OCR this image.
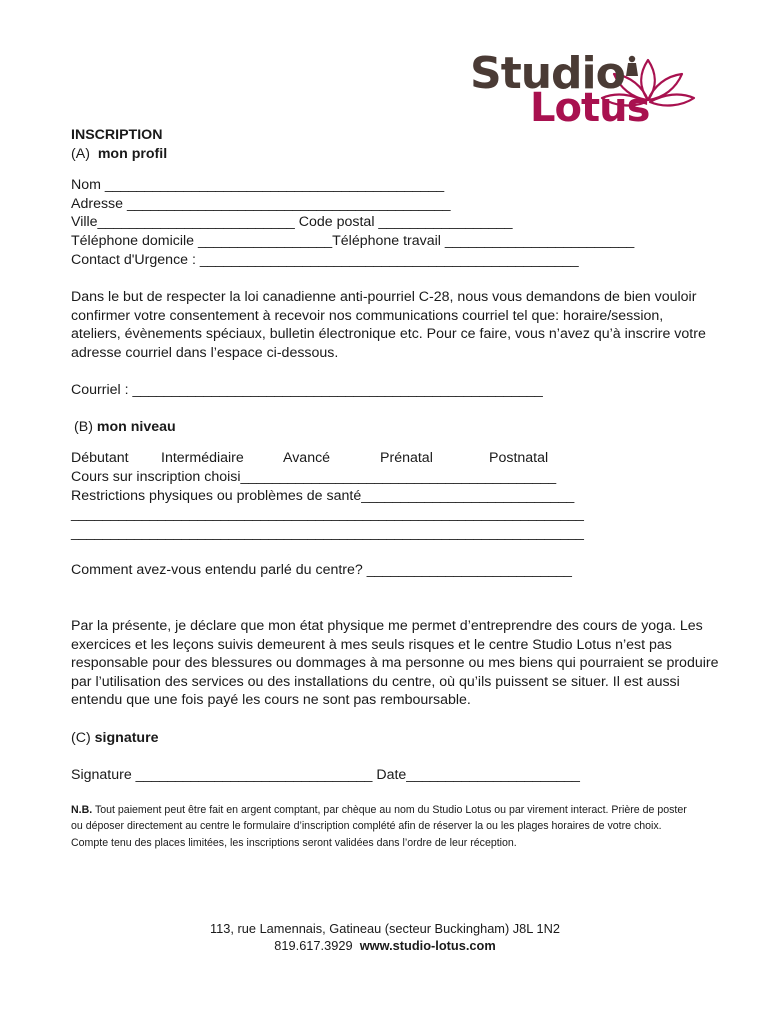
Studio
Lotus
INSCRIPTION
(A) mon profil
Nom ___________________________________________
Adresse _________________________________________
Ville_________________________ Code postal _________________
Téléphone domicile _________________Téléphone travail ________________________
Contact d'Urgence : ________________________________________________
Dans le but de respecter la loi canadienne anti-pourriel C-28, nous vous demandons de bien vouloir confirmer votre consentement à recevoir nos communications courriel tel que: horaire/session, ateliers, évènements spéciaux, bulletin électronique etc. Pour ce faire, vous n’avez qu’à inscrire votre adresse courriel dans l’espace ci-dessous.
Courriel : ____________________________________________________
(B) mon niveau
Débutant Intermédiaire	Avancé	Prénatal	Postnatal
Cours sur inscription choisi________________________________________
Restrictions physiques ou problèmes de santé___________________________
_________________________________________________________________
_________________________________________________________________
Comment avez-vous entendu parlé du centre? __________________________
Par la présente, je déclare que mon état physique me permet d’entreprendre des cours de yoga. Les exercices et les leçons suivis demeurent à mes seuls risques et le centre Studio Lotus n’est pas responsable pour des blessures ou dommages à ma personne ou mes biens qui pourraient se produire par l’utilisation des services ou des installations du centre, où qu’ils puissent se situer. Il est aussi entendu que une fois payé les cours ne sont pas remboursable.
(C) signature
Signature ______________________________ Date______________________
N.B. Tout paiement peut être fait en argent comptant, par chèque au nom du Studio Lotus ou par virement interact. Prière de poster ou déposer directement au centre le formulaire d’inscription complété afin de réserver la ou les plages horaires de votre choix. Compte tenu des places limitées, les inscriptions seront validées dans l’ordre de leur réception.
113, rue Lamennais, Gatineau (secteur Buckingham) J8L 1N2
819.617.3929 www.studio-lotus.com
